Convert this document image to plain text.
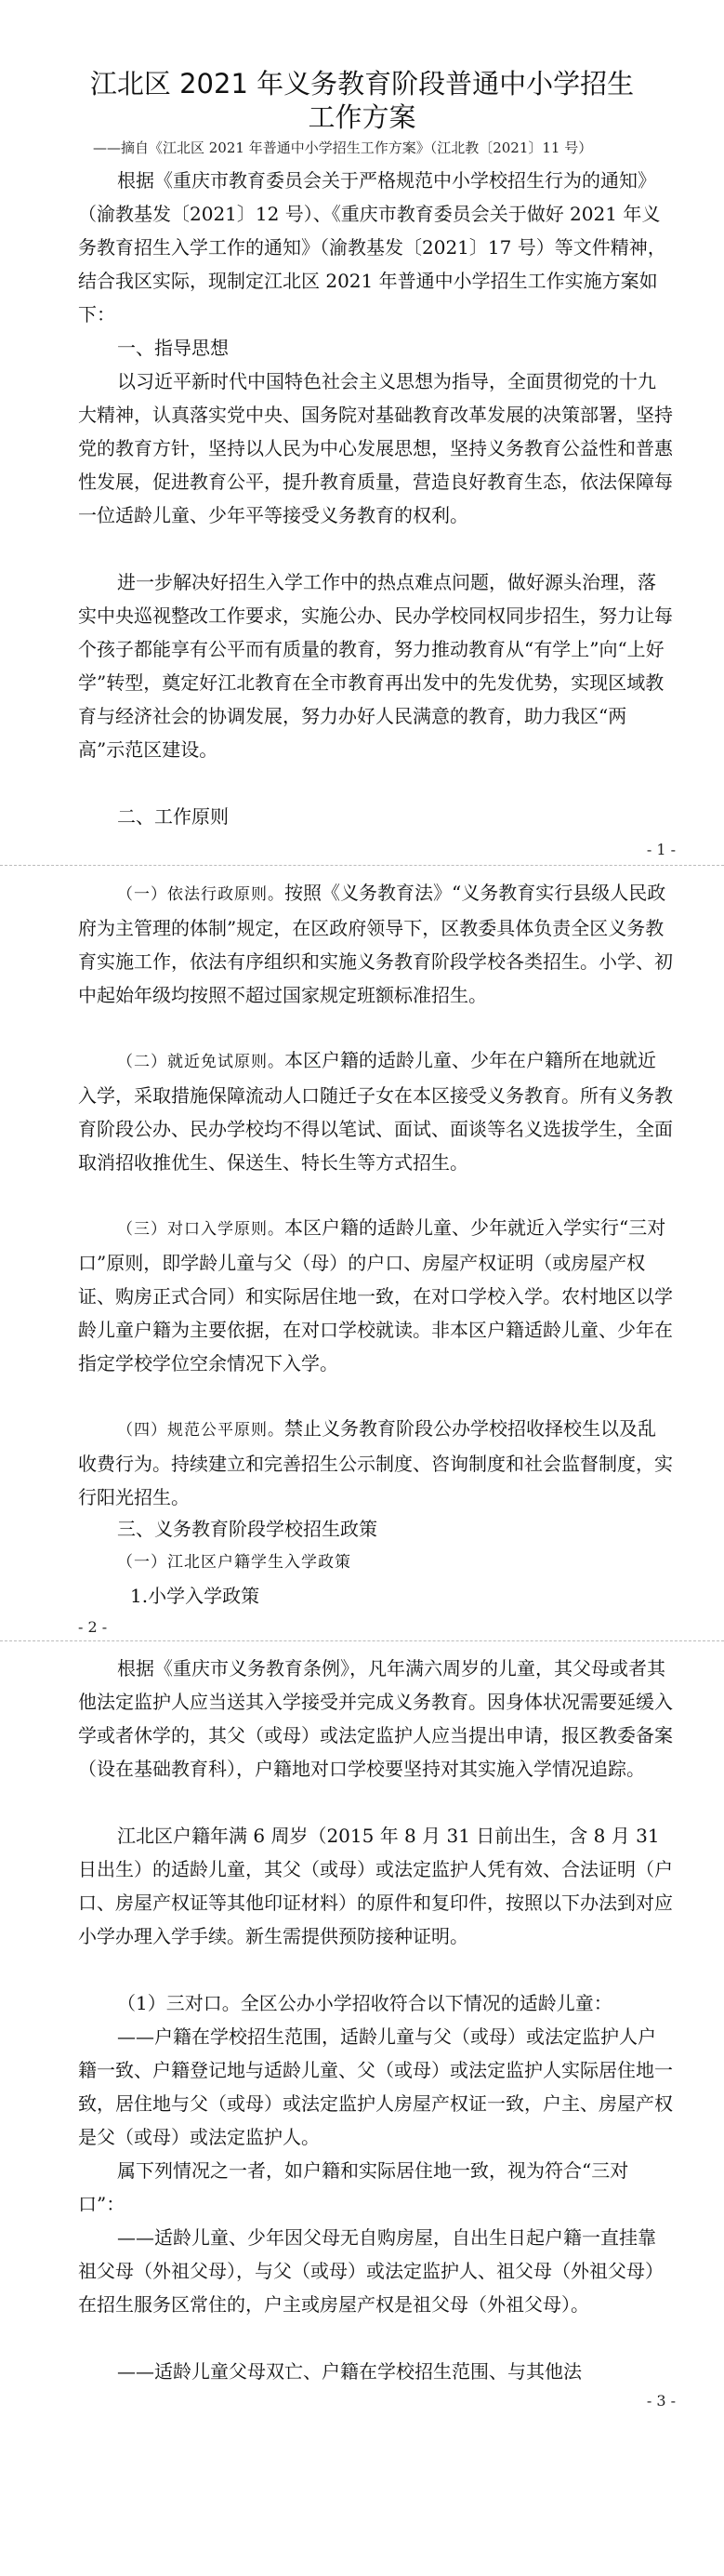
江北区 2021 年义务教育阶段普通中小学招生
工作方案
——摘自《江北区 2021 年普通中小学招生工作方案》（江北教〔2021〕11 号）

根据《重庆市教育委员会关于严格规范中小学校招生行为的通知》（渝教基发〔2021〕12 号）、《重庆市教育委员会关于做好 2021 年义务教育招生入学工作的通知》（渝教基发〔2021〕17 号）等文件精神，结合我区实际，现制定江北区 2021 年普通中小学招生工作实施方案如下：

一、指导思想

以习近平新时代中国特色社会主义思想为指导，全面贯彻党的十九大精神，认真落实党中央、国务院对基础教育改革发展的决策部署，坚持党的教育方针，坚持以人民为中心发展思想，坚持义务教育公益性和普惠性发展，促进教育公平，提升教育质量，营造良好教育生态，依法保障每一位适龄儿童、少年平等接受义务教育的权利。

进一步解决好招生入学工作中的热点难点问题，做好源头治理，落实中央巡视整改工作要求，实施公办、民办学校同权同步招生，努力让每个孩子都能享有公平而有质量的教育，努力推动教育从“有学上”向“上好学”转型，奠定好江北教育在全市教育再出发中的先发优势，实现区域教育与经济社会的协调发展，努力办好人民满意的教育，助力我区“两高”示范区建设。

二、工作原则
- 1 -

（一）依法行政原则。按照《义务教育法》“义务教育实行县级人民政府为主管理的体制”规定，在区政府领导下，区教委具体负责全区义务教育实施工作，依法有序组织和实施义务教育阶段学校各类招生。小学、初中起始年级均按照不超过国家规定班额标准招生。

（二）就近免试原则。本区户籍的适龄儿童、少年在户籍所在地就近入学，采取措施保障流动人口随迁子女在本区接受义务教育。所有义务教育阶段公办、民办学校均不得以笔试、面试、面谈等名义选拔学生，全面取消招收推优生、保送生、特长生等方式招生。

（三）对口入学原则。本区户籍的适龄儿童、少年就近入学实行“三对口”原则，即学龄儿童与父（母）的户口、房屋产权证明（或房屋产权证、购房正式合同）和实际居住地一致，在对口学校入学。农村地区以学龄儿童户籍为主要依据，在对口学校就读。非本区户籍适龄儿童、少年在指定学校学位空余情况下入学。

（四）规范公平原则。禁止义务教育阶段公办学校招收择校生以及乱收费行为。持续建立和完善招生公示制度、咨询制度和社会监督制度，实行阳光招生。

三、义务教育阶段学校招生政策
（一）江北区户籍学生入学政策
1.小学入学政策
- 2 -

根据《重庆市义务教育条例》，凡年满六周岁的儿童，其父母或者其他法定监护人应当送其入学接受并完成义务教育。因身体状况需要延缓入学或者休学的，其父（或母）或法定监护人应当提出申请，报区教委备案（设在基础教育科），户籍地对口学校要坚持对其实施入学情况追踪。

江北区户籍年满 6 周岁（2015 年 8 月 31 日前出生，含 8 月 31 日出生）的适龄儿童，其父（或母）或法定监护人凭有效、合法证明（户口、房屋产权证等其他印证材料）的原件和复印件，按照以下办法到对应小学办理入学手续。新生需提供预防接种证明。

（1）三对口。全区公办小学招收符合以下情况的适龄儿童：

——户籍在学校招生范围，适龄儿童与父（或母）或法定监护人户籍一致、户籍登记地与适龄儿童、父（或母）或法定监护人实际居住地一致，居住地与父（或母）或法定监护人房屋产权证一致，户主、房屋产权是父（或母）或法定监护人。

属下列情况之一者，如户籍和实际居住地一致，视为符合“三对口”：

——适龄儿童、少年因父母无自购房屋，自出生日起户籍一直挂靠祖父母（外祖父母），与父（或母）或法定监护人、祖父母（外祖父母）在招生服务区常住的，户主或房屋产权是祖父母（外祖父母）。

——适龄儿童父母双亡、户籍在学校招生范围、与其他法

- 3 -
